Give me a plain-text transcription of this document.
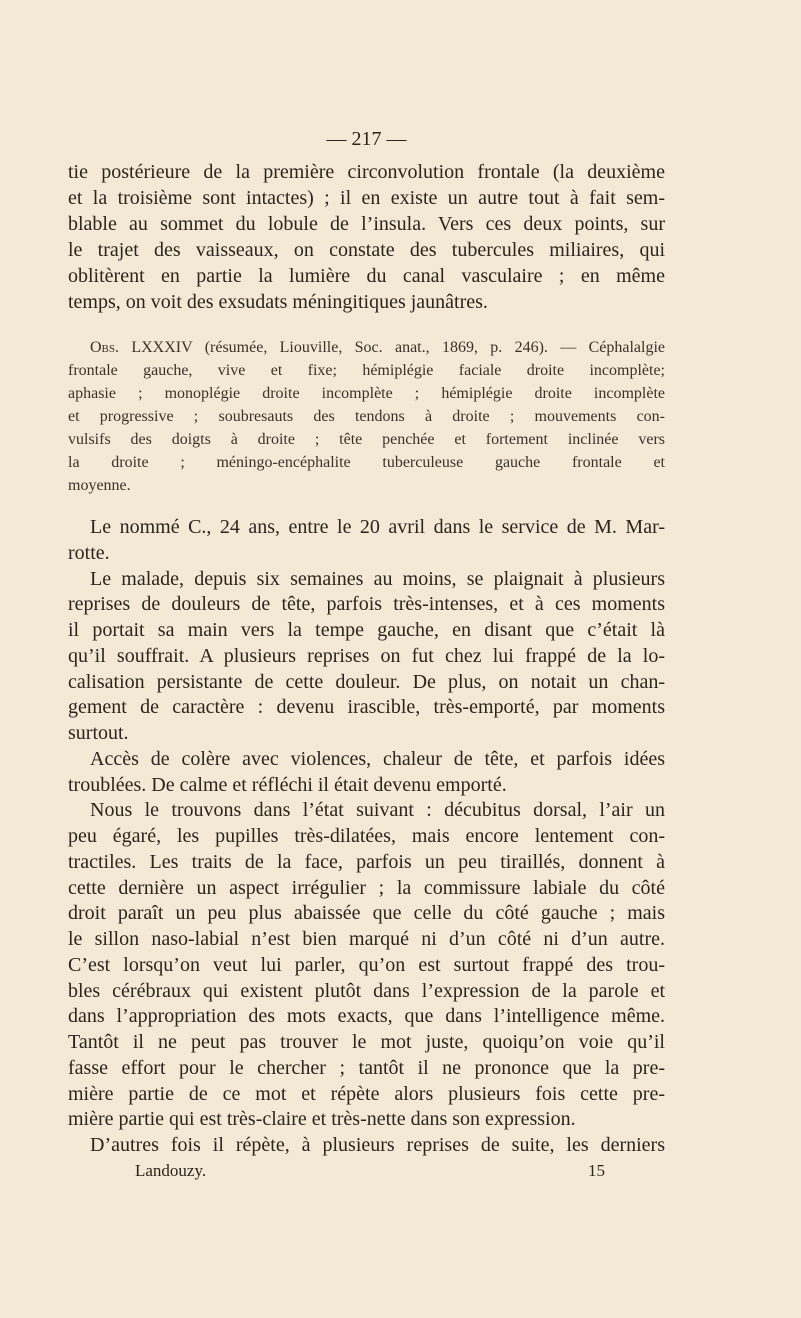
— 217 —
tie postérieure de la première circonvolution frontale (la deuxième
et la troisième sont intactes) ; il en existe un autre tout à fait sem-
blable au sommet du lobule de l’insula. Vers ces deux points, sur
le trajet des vaisseaux, on constate des tubercules miliaires, qui
oblitèrent en partie la lumière du canal vasculaire ; en même
temps, on voit des exsudats méningitiques jaunâtres.
Obs. LXXXIV (résumée, Liouville, Soc. anat., 1869, p. 246). — Céphalalgie
frontale gauche, vive et fixe; hémiplégie faciale droite incomplète;
aphasie ; monoplégie droite incomplète ; hémiplégie droite incomplète
et progressive ; soubresauts des tendons à droite ; mouvements con-
vulsifs des doigts à droite ; tête penchée et fortement inclinée vers
la droite ; méningo-encéphalite tuberculeuse gauche frontale et
moyenne.
Le nommé C., 24 ans, entre le 20 avril dans le service de M. Mar-
rotte.
Le malade, depuis six semaines au moins, se plaignait à plusieurs
reprises de douleurs de tête, parfois très-intenses, et à ces moments
il portait sa main vers la tempe gauche, en disant que c’était là
qu’il souffrait. A plusieurs reprises on fut chez lui frappé de la lo-
calisation persistante de cette douleur. De plus, on notait un chan-
gement de caractère : devenu irascible, très-emporté, par moments
surtout.
Accès de colère avec violences, chaleur de tête, et parfois idées
troublées. De calme et réfléchi il était devenu emporté.
Nous le trouvons dans l’état suivant : décubitus dorsal, l’air un
peu égaré, les pupilles très-dilatées, mais encore lentement con-
tractiles. Les traits de la face, parfois un peu tiraillés, donnent à
cette dernière un aspect irrégulier ; la commissure labiale du côté
droit paraît un peu plus abaissée que celle du côté gauche ; mais
le sillon naso-labial n’est bien marqué ni d’un côté ni d’un autre.
C’est lorsqu’on veut lui parler, qu’on est surtout frappé des trou-
bles cérébraux qui existent plutôt dans l’expression de la parole et
dans l’appropriation des mots exacts, que dans l’intelligence même.
Tantôt il ne peut pas trouver le mot juste, quoiqu’on voie qu’il
fasse effort pour le chercher ; tantôt il ne prononce que la pre-
mière partie de ce mot et répète alors plusieurs fois cette pre-
mière partie qui est très-claire et très-nette dans son expression.
D’autres fois il répète, à plusieurs reprises de suite, les derniers
Landouzy.	15
